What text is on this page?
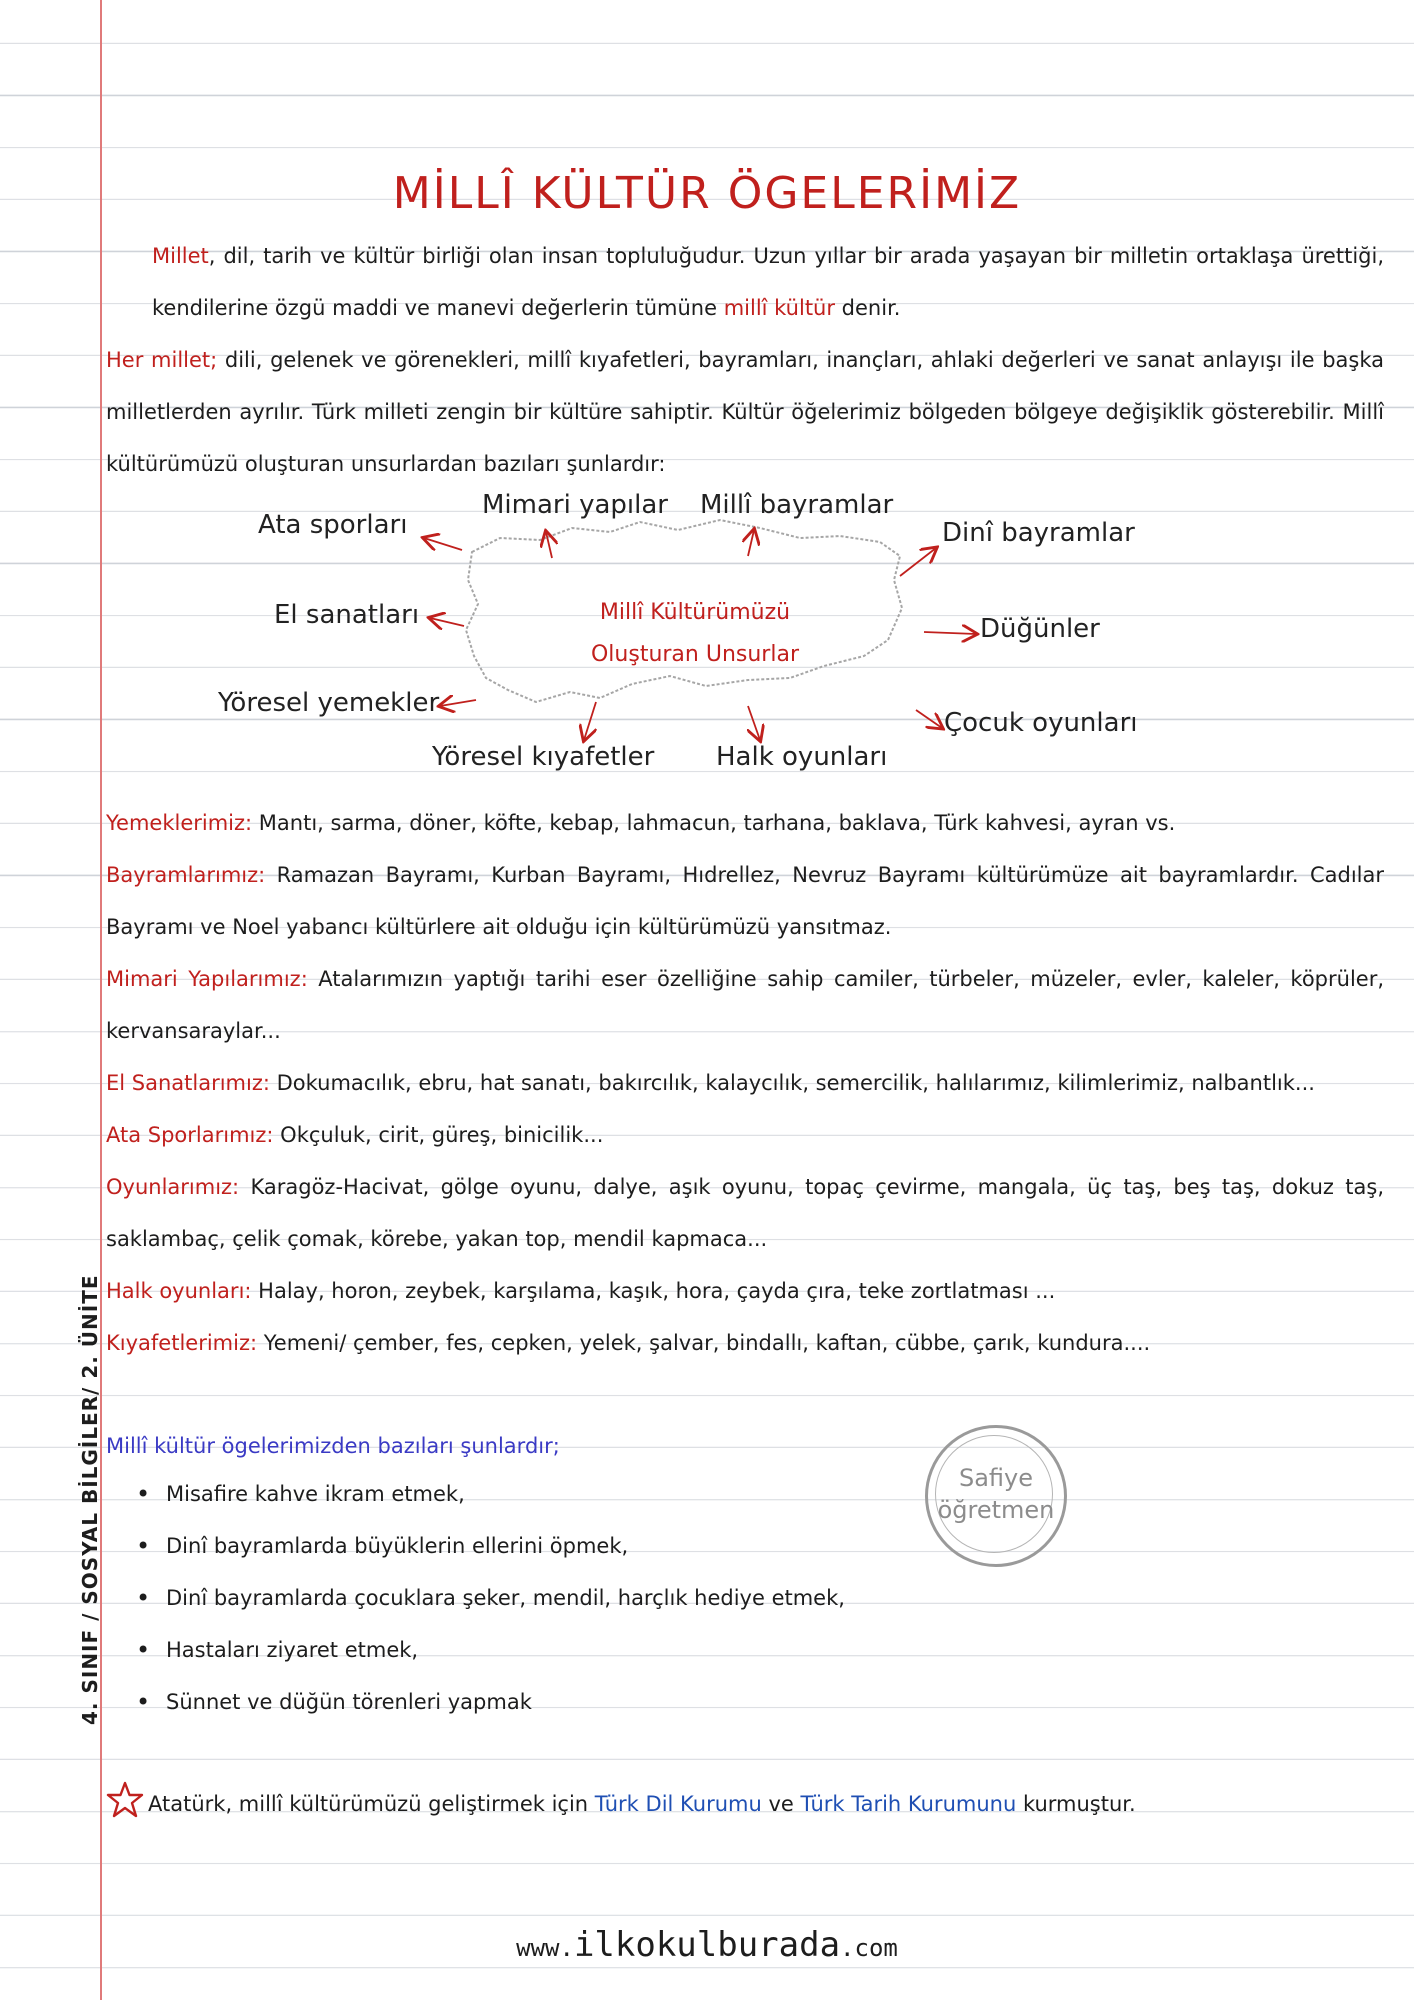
4. SINIF / SOSYAL BİLGİLER/ 2. ÜNİTE
MİLLÎ KÜLTÜR ÖGELERİMİZ
Millet, dil, tarih ve kültür birliği olan insan topluluğudur. Uzun yıllar bir arada yaşayan bir milletin ortaklaşa ürettiği, kendilerine özgü maddi ve manevi değerlerin tümüne millî kültür denir.
Her millet; dili, gelenek ve görenekleri, millî kıyafetleri, bayramları, inançları, ahlaki değerleri ve sanat anlayışı ile başka milletlerden ayrılır. Türk milleti zengin bir kültüre sahiptir. Kültür öğelerimiz bölgeden bölgeye değişiklik gösterebilir. Millî kültürümüzü oluşturan unsurlardan bazıları şunlardır:
Millî Kültürümüzü
Oluşturan Unsurlar
Ata sporları
Mimari yapılar Millî bayramlar
Dinî bayramlar
El sanatları	Düğünler
Yöresel yemekler
Yöresel kıyafetler Halk oyunları
Çocuk oyunları
Yemeklerimiz: Mantı, sarma, döner, köfte, kebap, lahmacun, tarhana, baklava, Türk kahvesi, ayran vs.
Bayramlarımız: Ramazan Bayramı, Kurban Bayramı, Hıdrellez, Nevruz Bayramı kültürümüze ait bayramlardır. Cadılar Bayramı ve Noel yabancı kültürlere ait olduğu için kültürümüzü yansıtmaz.
Mimari Yapılarımız: Atalarımızın yaptığı tarihi eser özelliğine sahip camiler, türbeler, müzeler, evler, kaleler, köprüler, kervansaraylar...
El Sanatlarımız: Dokumacılık, ebru, hat sanatı, bakırcılık, kalaycılık, semercilik, halılarımız, kilimlerimiz, nalbantlık...
Ata Sporlarımız: Okçuluk, cirit, güreş, binicilik...
Oyunlarımız: Karagöz-Hacivat, gölge oyunu, dalye, aşık oyunu, topaç çevirme, mangala, üç taş, beş taş, dokuz taş, saklambaç, çelik çomak, körebe, yakan top, mendil kapmaca...
Halk oyunları: Halay, horon, zeybek, karşılama, kaşık, hora, çayda çıra, teke zortlatması ...
Kıyafetlerimiz: Yemeni/ çember, fes, cepken, yelek, şalvar, bindallı, kaftan, cübbe, çarık, kundura....
Millî kültür ögelerimizden bazıları şunlardır;
• Misafire kahve ikram etmek,
• Dinî bayramlarda büyüklerin ellerini öpmek,
• Dinî bayramlarda çocuklara şeker, mendil, harçlık hediye etmek,
• Hastaları ziyaret etmek,
• Sünnet ve düğün törenleri yapmak
Safiye
öğretmen
Atatürk, millî kültürümüzü geliştirmek için Türk Dil Kurumu ve Türk Tarih Kurumunu kurmuştur.
www.ilkokulburada.com
